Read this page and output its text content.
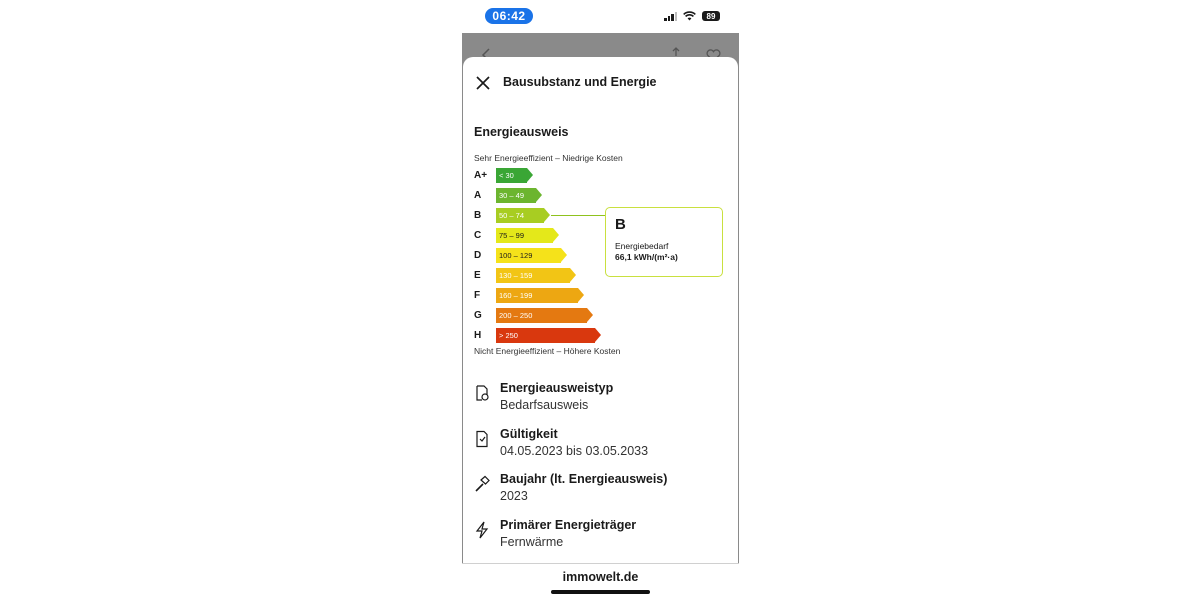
06:42	89
Bausubstanz und Energie
Energieausweis
Sehr Energieeffizient – Niedrige Kosten
A+
A
B
C
D
E
F
G
H
< 30
30 – 49
50 – 74
75 – 99
100 – 129
130 – 159
160 – 199
200 – 250
> 250
B
Energiebedarf
66,1 kWh/(m²·a)
Nicht Energieeffizient – Höhere Kosten
Energieausweistyp
Bedarfsausweis
Gültigkeit
04.05.2023 bis 03.05.2033
Baujahr (lt. Energieausweis)
2023
Primärer Energieträger
Fernwärme
immowelt.de
